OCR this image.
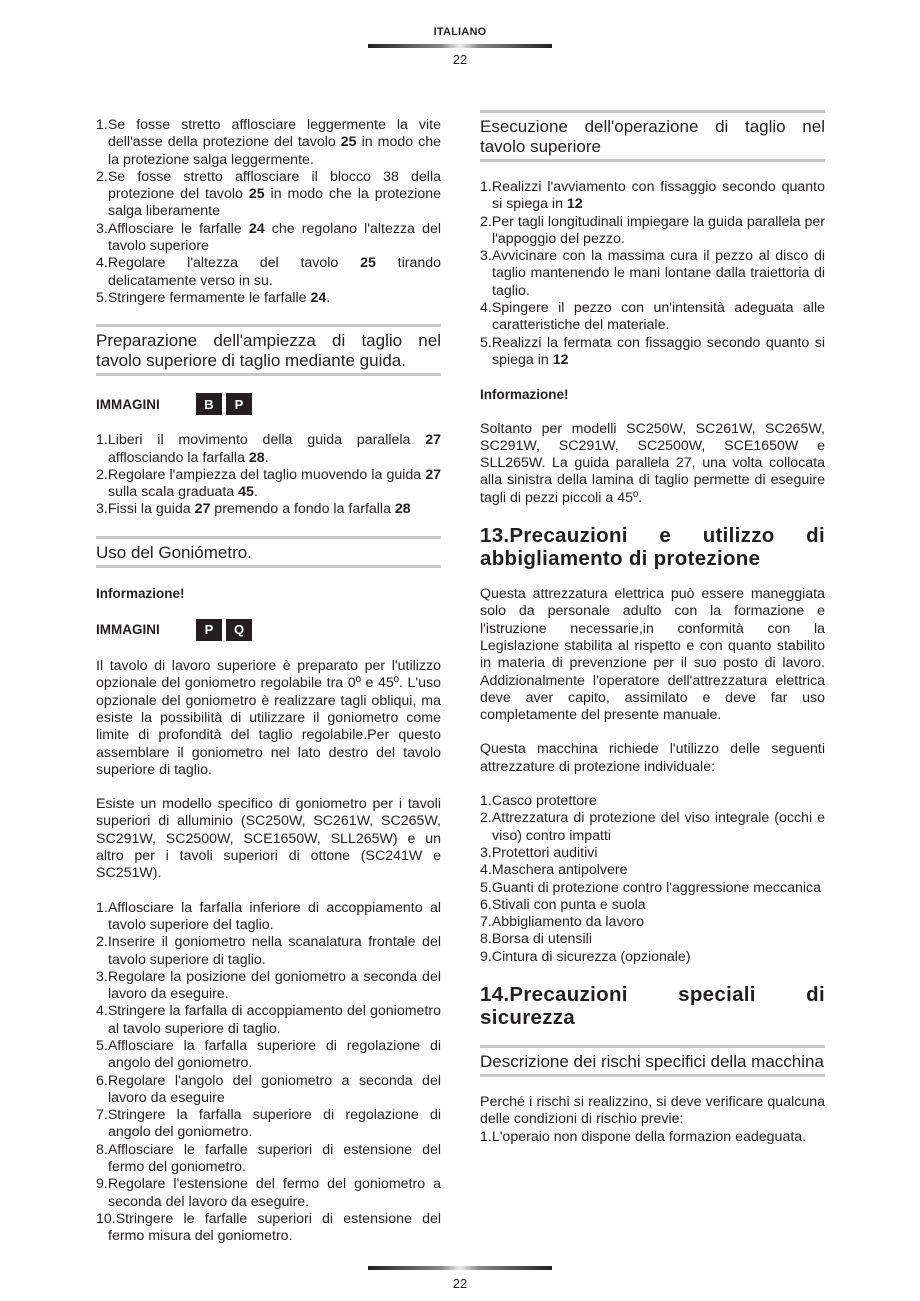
ITALIANO
22
1.Se fosse stretto afflosciare leggermente la vite dell'asse della protezione del tavolo 25 in modo che la protezione salga leggermente.
2.Se fosse stretto afflosciare il blocco 38 della protezione del tavolo 25 in modo che la protezione salga liberamente
3.Afflosciare le farfalle 24 che regolano l'altezza del tavolo superiore
4.Regolare l'altezza del tavolo 25 tirando delicatamente verso in su.
5.Stringere fermamente le farfalle 24.
Preparazione dell'ampiezza di taglio nel tavolo superiore di taglio mediante guida.
IMMAGINI	B	P
1.Liberi il movimento della guida parallela 27 afflosciando la farfalla 28.
2.Regolare l'ampiezza del taglio muovendo la guida 27 sulla scala graduata 45.
3.Fissi la guida 27 premendo a fondo la farfalla 28
Uso del Goniómetro.
Informazione!
IMMAGINI	P	Q
Il tavolo di lavoro superiore è preparato per l'utilizzo opzionale del goniometro regolabile tra 0º e 45º. L'uso opzionale del goniometro è realizzare tagli obliqui, ma esiste la possibilità di utilizzare il goniometro come limite di profondità del taglio regolabile.Per questo assemblare il goniometro nel lato destro del tavolo superiore di taglio.
Esiste un modello specifico di goniometro per i tavoli superiori di alluminio (SC250W, SC261W, SC265W, SC291W, SC2500W, SCE1650W, SLL265W) e un altro per i tavoli superiori di ottone (SC241W e SC251W).
1.Afflosciare la farfalla inferiore di accoppiamento al tavolo superiore del taglio.
2.Inserire il goniometro nella scanalatura frontale del tavolo superiore di taglio.
3.Regolare la posizione del goniometro a seconda del lavoro da eseguire.
4.Stringere la farfalla di accoppiamento del goniometro al tavolo superiore di taglio.
5.Afflosciare la farfalla superiore di regolazione di angolo del goniometro.
6.Regolare l'angolo del goniometro a seconda del lavoro da eseguire
7.Stringere la farfalla superiore di regolazione di angolo del goniometro.
8.Afflosciare le farfalle superiori di estensione del fermo del goniometro.
9.Regolare l'estensione del fermo del goniometro a seconda del lavoro da eseguire.
10.Stringere le farfalle superiori di estensione del fermo misura del goniometro.
Esecuzione dell'operazione di taglio nel tavolo superiore
1.Realizzi l'avviamento con fissaggio secondo quanto si spiega in 12
2.Per tagli longitudinali impiegare la guida parallela per l'appoggio del pezzo.
3.Avvicinare con la massima cura il pezzo al disco di taglio mantenendo le mani lontane dalla traiettoria di taglio.
4.Spingere il pezzo con un'intensità adeguata alle caratteristiche del materiale.
5.Realizzi la fermata con fissaggio secondo quanto si spiega in 12
Informazione!
Soltanto per modelli SC250W, SC261W, SC265W, SC291W, SC291W, SC2500W, SCE1650W e SLL265W. La guida parallela 27, una volta collocata alla sinistra della lamina di taglio permette di eseguire tagli di pezzi piccoli a 45º.
13.Precauzioni e utilizzo di abbigliamento di protezione
Questa attrezzatura elettrica può essere maneggiata solo da personale adulto con la formazione e l'istruzione necessarie,in conformità con la Legislazione stabilita al rispetto e con quanto stabilito in materia di prevenzione per il suo posto di lavoro. Addizionalmente l'operatore dell'attrezzatura elettrica deve aver capito, assimilato e deve far uso completamente del presente manuale.
Questa macchina richiede l'utilizzo delle seguenti attrezzature di protezione individuale:
1.Casco protettore
2.Attrezzatura di protezione del viso integrale (occhi e viso) contro impatti
3.Protettori auditivi
4.Maschera antipolvere
5.Guanti di protezione contro l'aggressione meccanica
6.Stivali con punta e suola
7.Abbigliamento da lavoro
8.Borsa di utensili
9.Cintura di sicurezza (opzionale)
14.Precauzioni speciali di sicurezza
Descrizione dei rischi specifici della macchina
Perché i rischi si realizzino, si deve verificare qualcuna delle condizioni di rischio previe:
1.L'operaio non dispone della formazion eadeguata.
22
